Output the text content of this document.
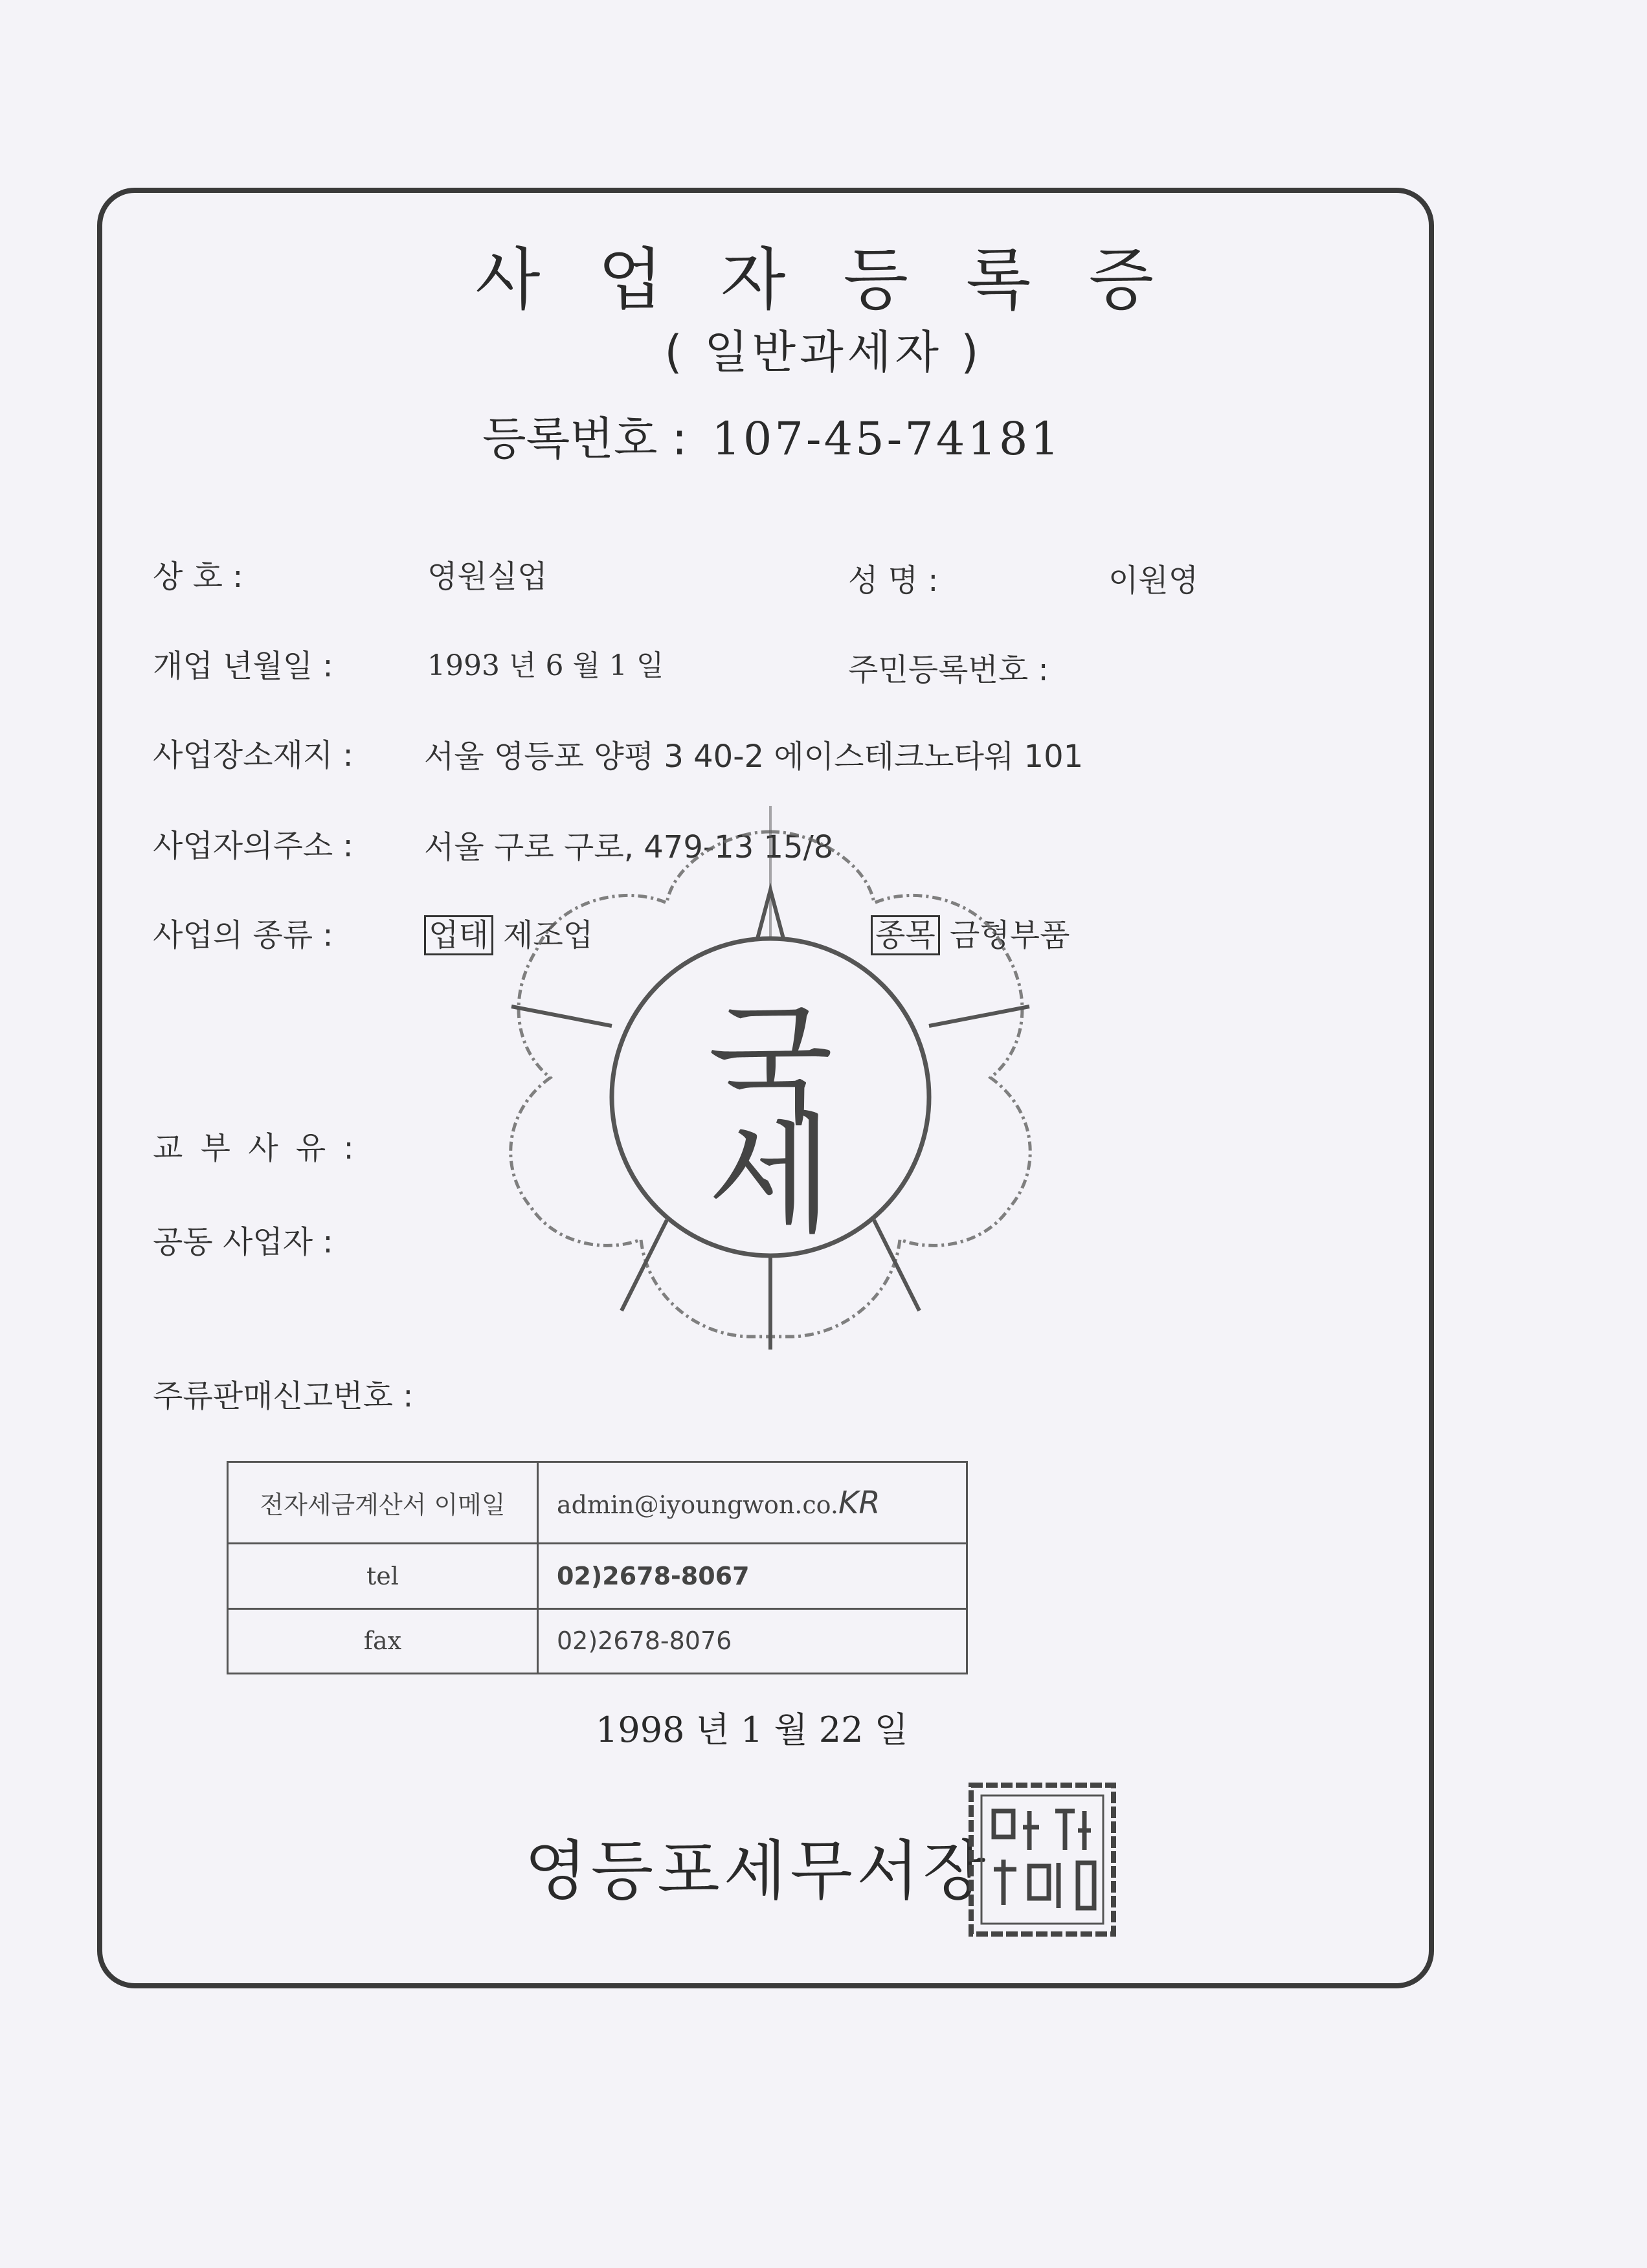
사 업 자 등 록 증
( 일반과세자 )
등록번호 : 107-45-74181
상 호 :	영원실업	성 명 :	이원영
개업 년월일 :	1993 년 6 월 1 일	주민등록번호 :
사업장소재지 : 서울 영등포 양평 3 40-2 에이스테크노타워 101
사업자의주소 : 서울 구로 구로, 479-13 15/8
사업의 종류 :	업태 제조업	종목 금형부품
교 부 사 유 :
공동 사업자 :
주류판매신고번호 :
국
세
전자세금계산서 이메일	admin@iyoungwon.co.KR
tel	02)2678-8067
fax	02)2678-8076
1998 년 1 월 22 일
영등포세무서장
